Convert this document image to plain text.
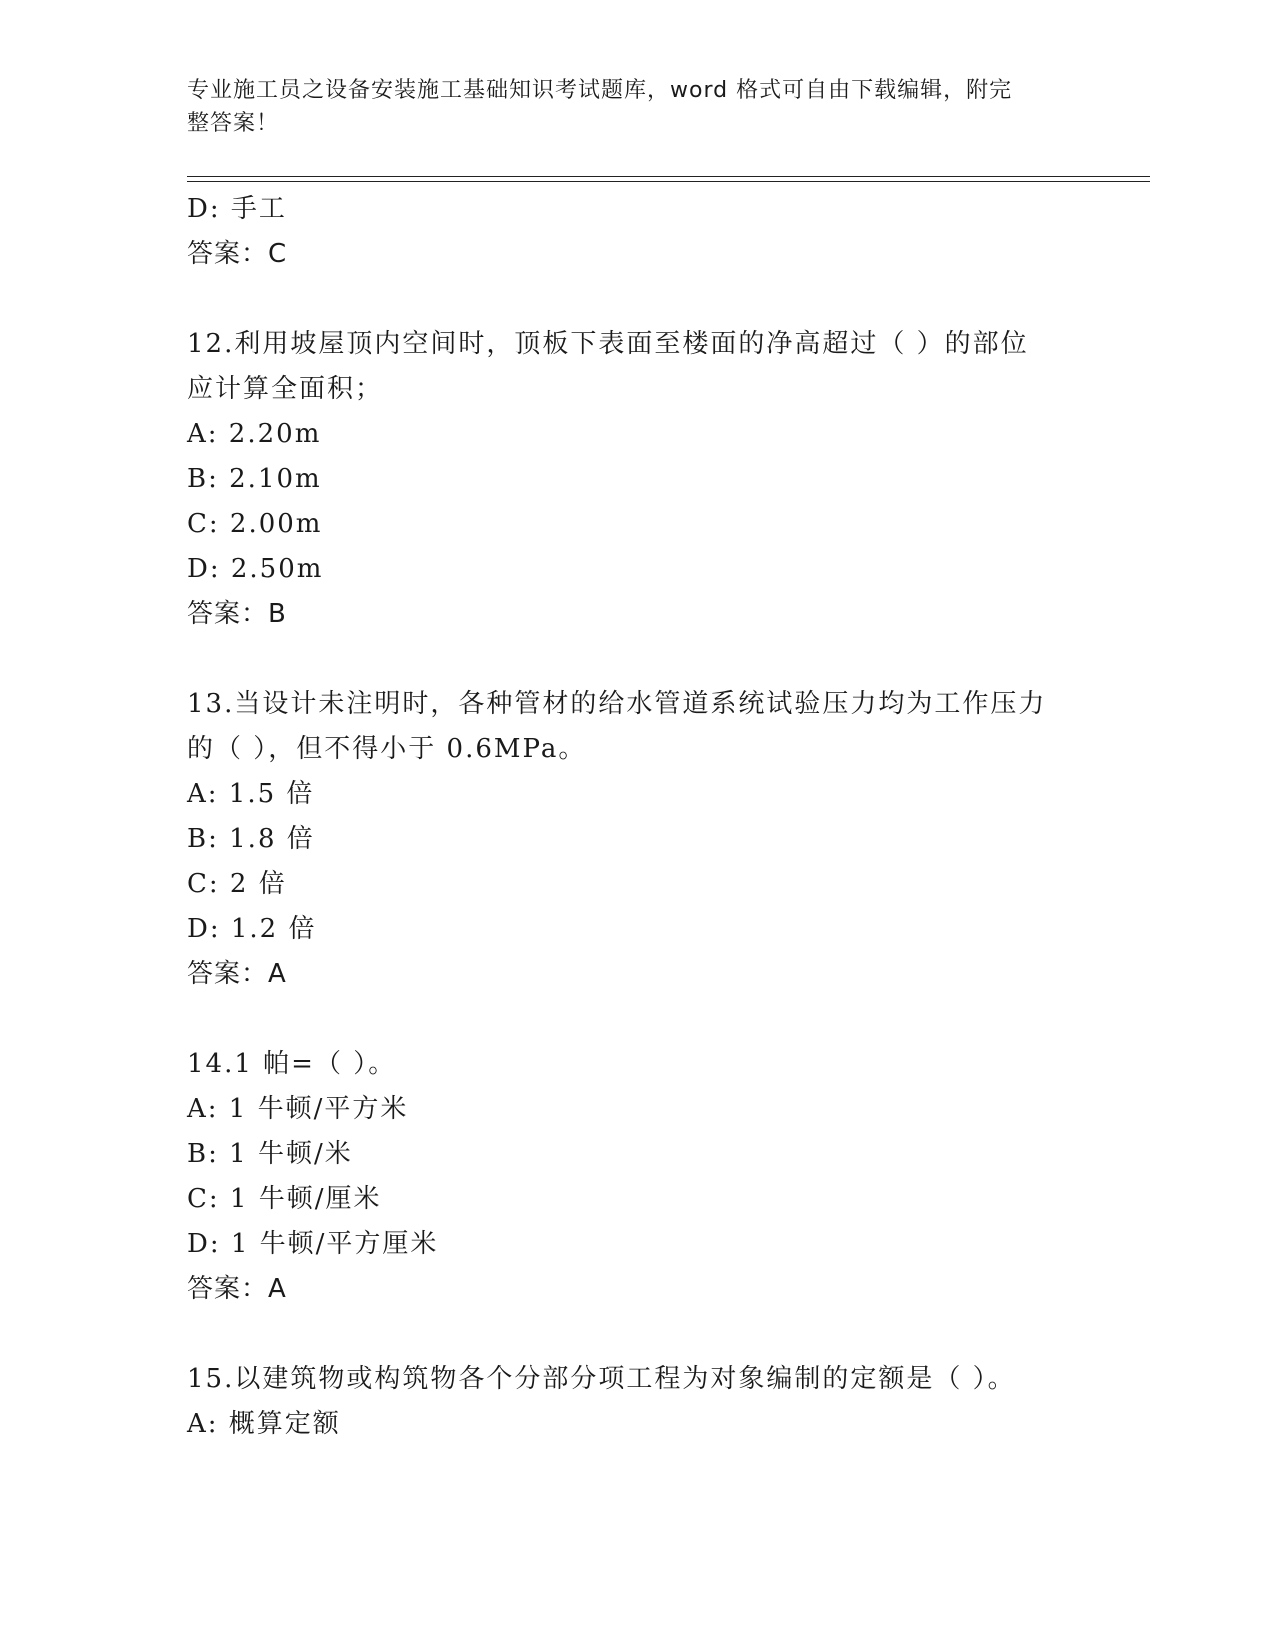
专业施工员之设备安装施工基础知识考试题库，word 格式可自由下载编辑，附完
整答案！
D: 手工
答案：C
12.利用坡屋顶内空间时，顶板下表面至楼面的净高超过（ ）的部位
应计算全面积；
A: 2.20m
B: 2.10m
C: 2.00m
D: 2.50m
答案：B
13.当设计未注明时，各种管材的给水管道系统试验压力均为工作压力
的（ ），但不得小于 0.6MPa。
A: 1.5 倍
B: 1.8 倍
C: 2 倍
D: 1.2 倍
答案：A
14.1 帕=（ ）。
A: 1 牛顿/平方米
B: 1 牛顿/米
C: 1 牛顿/厘米
D: 1 牛顿/平方厘米
答案：A
15.以建筑物或构筑物各个分部分项工程为对象编制的定额是（ ）。
A: 概算定额
